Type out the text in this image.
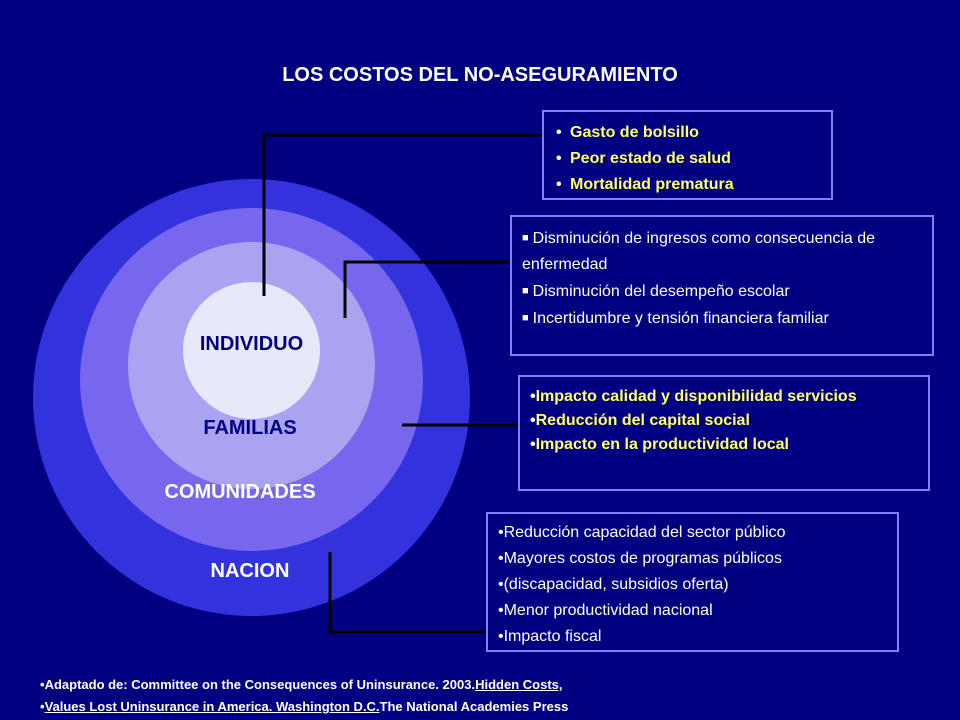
LOS COSTOS DEL NO-ASEGURAMIENTO
INDIVIDUO
FAMILIAS
COMUNIDADES
NACION
• Gasto de bolsillo
• Peor estado de salud
• Mortalidad prematura
■ Disminución de ingresos como consecuencia de enfermedad
■ Disminución del desempeño escolar
■ Incertidumbre y tensión financiera familiar
•Impacto calidad y disponibilidad servicios
•Reducción del capital social
•Impacto en la productividad local
•Reducción capacidad del sector público
•Mayores costos de programas públicos
•(discapacidad, subsidios oferta)
•Menor productividad nacional
•Impacto fiscal
•Adaptado de: Committee on the Consequences of Uninsurance. 2003.Hidden Costs,
•Values Lost Uninsurance in America. Washington D.C.The National Academies Press
